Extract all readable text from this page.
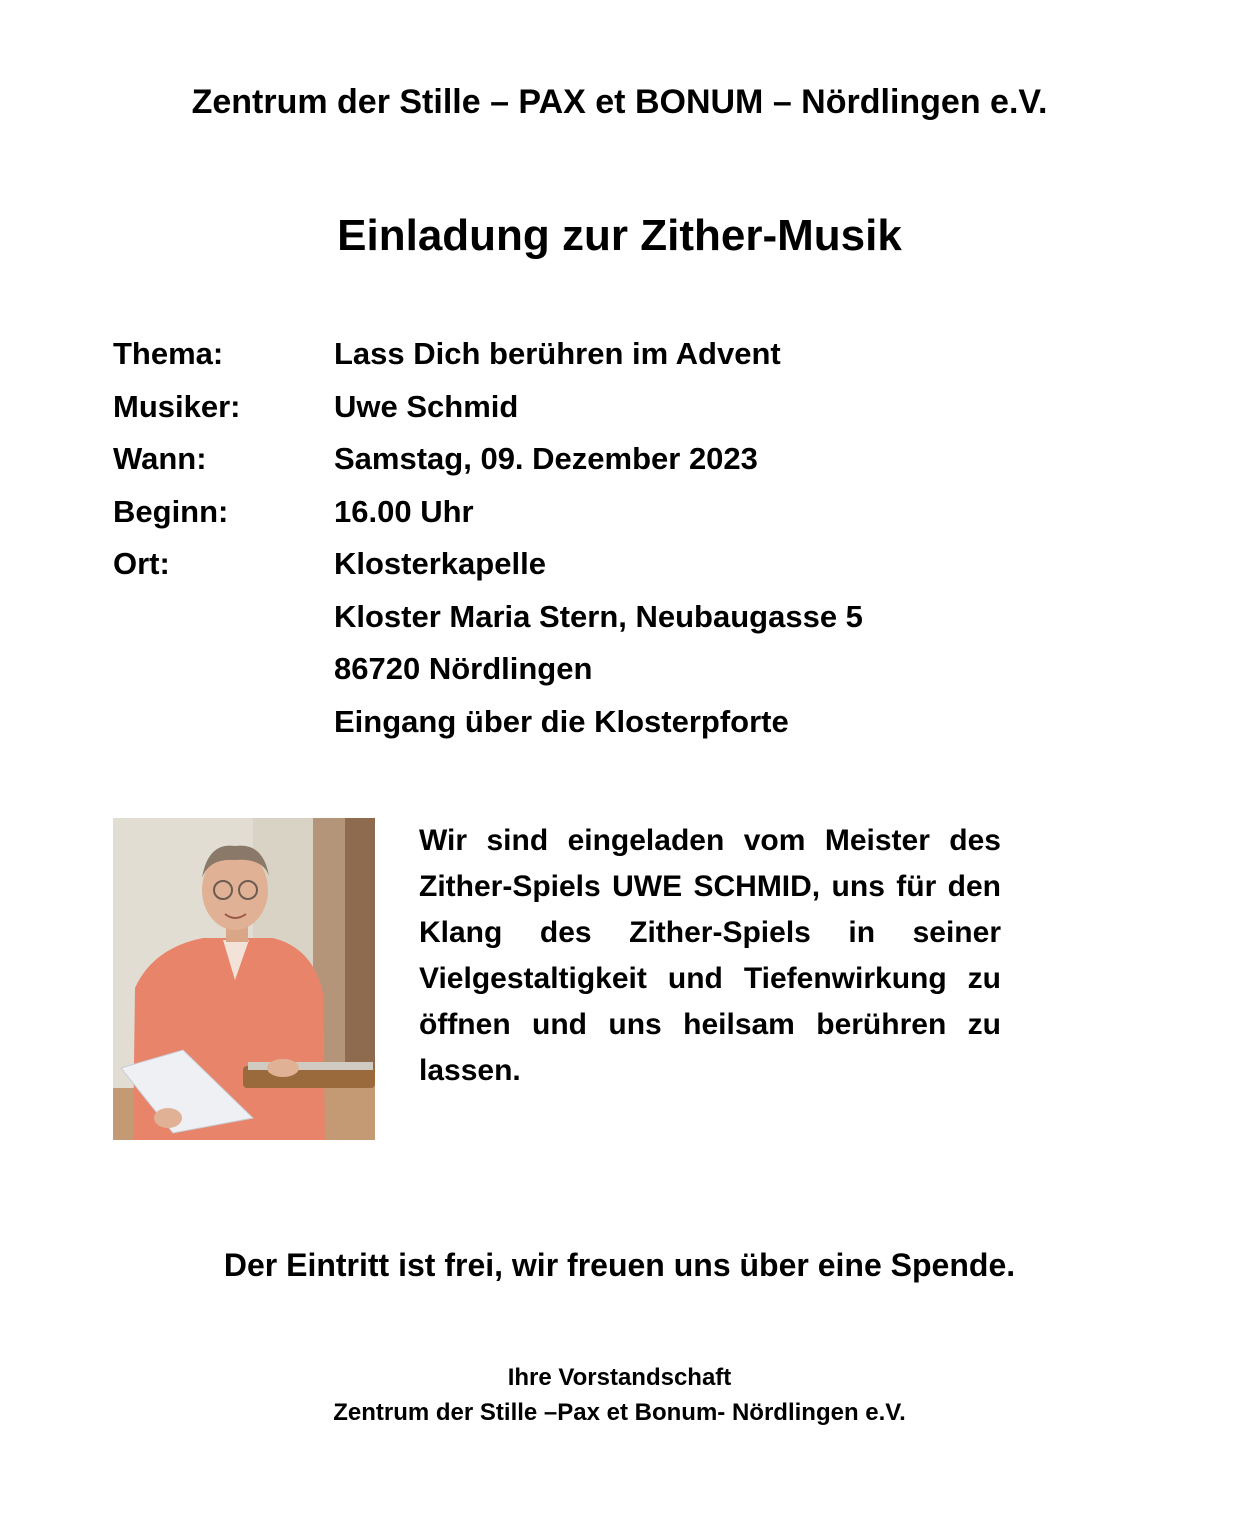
Zentrum der Stille – PAX et BONUM – Nördlingen e.V.
Einladung zur Zither-Musik
Thema:	Lass Dich berühren im Advent
Musiker:	Uwe Schmid
Wann:	Samstag, 09. Dezember 2023
Beginn:	16.00 Uhr
Ort:	Klosterkapelle
Kloster Maria Stern, Neubaugasse 5
86720 Nördlingen
Eingang über die Klosterpforte

Wir sind eingeladen vom Meister des Zither-Spiels UWE SCHMID, uns für den Klang des Zither-Spiels in seiner Vielgestaltigkeit und Tiefenwirkung zu öffnen und uns heilsam berühren zu lassen.

Der Eintritt ist frei, wir freuen uns über eine Spende.

Ihre Vorstandschaft

Zentrum der Stille –Pax et Bonum- Nördlingen e.V.
